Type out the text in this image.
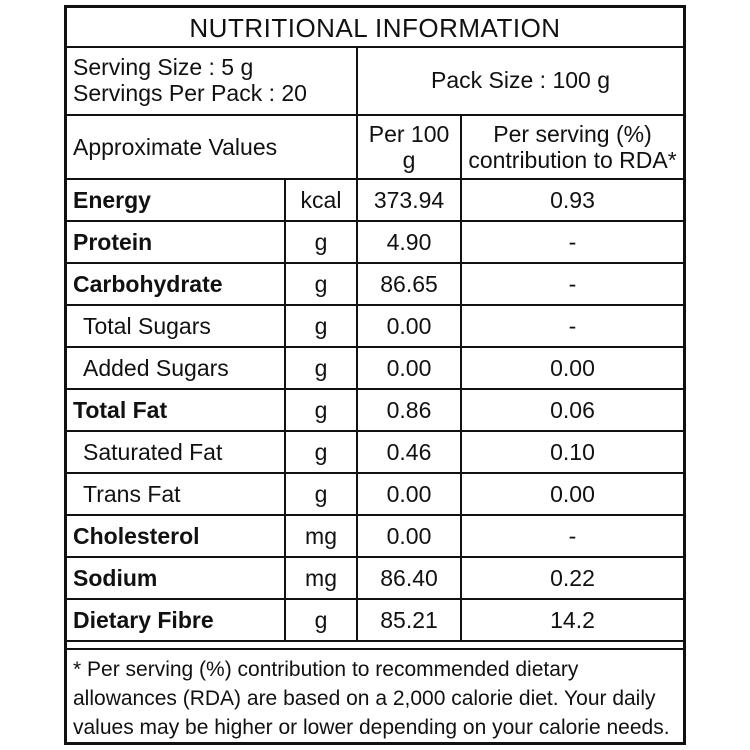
NUTRITIONAL INFORMATION
Serving Size : 5 g
Servings Per Pack : 20		Pack Size : 100 g	
Approximate Values		Per 100 g	Per serving (%)
contribution to RDA*

Energy	kcal	373.94	0.93
Protein	g	4.90	-
Carbohydrate	g	86.65	-
Total Sugars	g	0.00	-
Added Sugars	g	0.00	0.00
Total Fat	g	0.86	0.06
Saturated Fat	g	0.46	0.10
Trans Fat	g	0.00	0.00
Cholesterol	mg	0.00	-
Sodium	mg	86.40	0.22
Dietary Fibre	g	85.21	14.2
* Per serving (%) contribution to recommended dietary allowances (RDA) are based on a 2,000 calorie diet. Your daily values may be higher or lower depending on your calorie needs.
